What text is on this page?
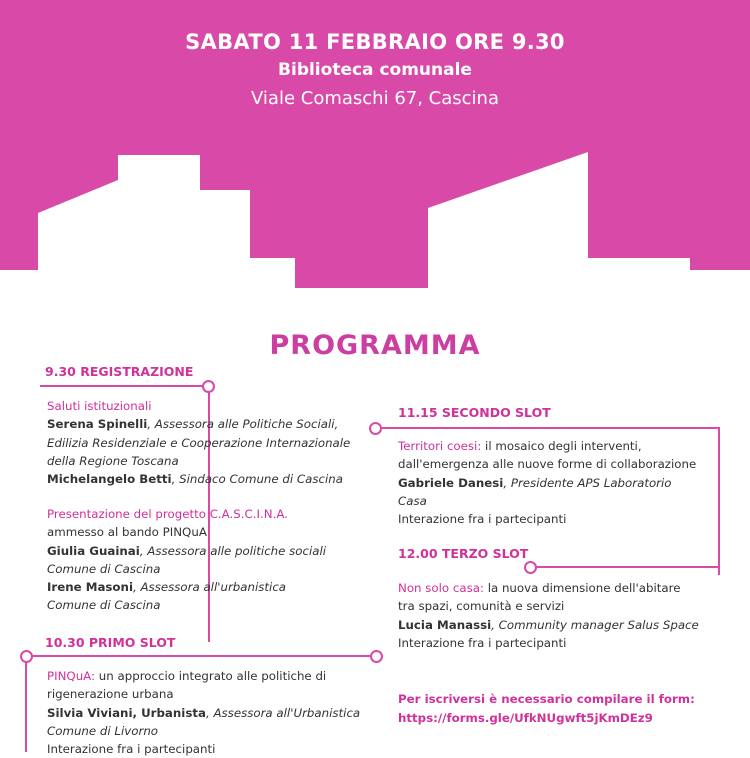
SABATO 11 FEBBRAIO ORE 9.30
Biblioteca comunale
Viale Comaschi 67, Cascina
PROGRAMMA
9.30 REGISTRAZIONE
Saluti istituzionali
Serena Spinelli, Assessora alle Politiche Sociali,
Edilizia Residenziale e Cooperazione Internazionale
della Regione Toscana
Michelangelo Betti, Sindaco Comune di Cascina
Presentazione del progetto C.A.S.C.I.N.A.
ammesso al bando PINQuA
Giulia Guainai, Assessora alle politiche sociali
Comune di Cascina
Irene Masoni, Assessora all'urbanistica
Comune di Cascina
10.30 PRIMO SLOT
PINQuA: un approccio integrato alle politiche di
rigenerazione urbana
Silvia Viviani, Urbanista, Assessora all'Urbanistica
Comune di Livorno
Interazione fra i partecipanti
11.15 SECONDO SLOT
Territori coesi: il mosaico degli interventi,
dall'emergenza alle nuove forme di collaborazione
Gabriele Danesi, Presidente APS Laboratorio
Casa
Interazione fra i partecipanti
12.00 TERZO SLOT
Non solo casa: la nuova dimensione dell'abitare
tra spazi, comunità e servizi
Lucia Manassi, Community manager Salus Space
Interazione fra i partecipanti
Per iscriversi è necessario compilare il form:
https://forms.gle/UfkNUgwft5jKmDEz9
